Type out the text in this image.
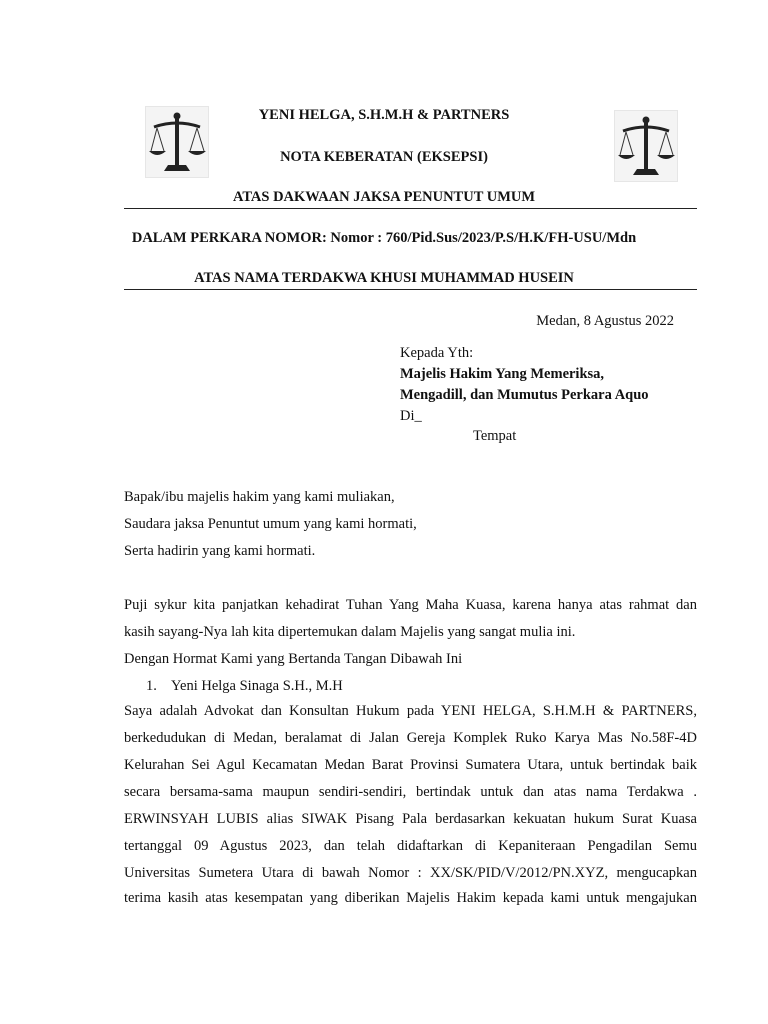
YENI HELGA, S.H.M.H & PARTNERS
NOTA KEBERATAN (EKSEPSI)
ATAS DAKWAAN JAKSA PENUNTUT UMUM
DALAM PERKARA NOMOR: Nomor : 760/Pid.Sus/2023/P.S/H.K/FH-USU/Mdn
ATAS NAMA TERDAKWA KHUSI MUHAMMAD HUSEIN
Medan, 8 Agustus 2022
Kepada Yth:
Majelis Hakim Yang Memeriksa,
Mengadill, dan Mumutus Perkara Aquo
Di_
Tempat
Bapak/ibu majelis hakim yang kami muliakan,
Saudara jaksa Penuntut umum yang kami hormati,
Serta hadirin yang kami hormati.
Puji sykur kita panjatkan kehadirat Tuhan Yang Maha Kuasa, karena hanya atas rahmat dan
kasih sayang-Nya lah kita dipertemukan dalam Majelis yang sangat mulia ini.
Dengan Hormat Kami yang Bertanda Tangan Dibawah Ini
1. Yeni Helga Sinaga S.H., M.H
Saya adalah Advokat dan Konsultan Hukum pada YENI HELGA, S.H.M.H & PARTNERS,
berkedudukan di Medan, beralamat di Jalan Gereja Komplek Ruko Karya Mas No.58F-4D
Kelurahan Sei Agul Kecamatan Medan Barat Provinsi Sumatera Utara, untuk bertindak baik
secara bersama-sama maupun sendiri-sendiri, bertindak untuk dan atas nama Terdakwa .
ERWINSYAH LUBIS alias SIWAK Pisang Pala berdasarkan kekuatan hukum Surat Kuasa
tertanggal 09 Agustus 2023, dan telah didaftarkan di Kepaniteraan Pengadilan Semu
Universitas Sumetera Utara di bawah Nomor : XX/SK/PID/V/2012/PN.XYZ, mengucapkan
terima kasih atas kesempatan yang diberikan Majelis Hakim kepada kami untuk mengajukan
